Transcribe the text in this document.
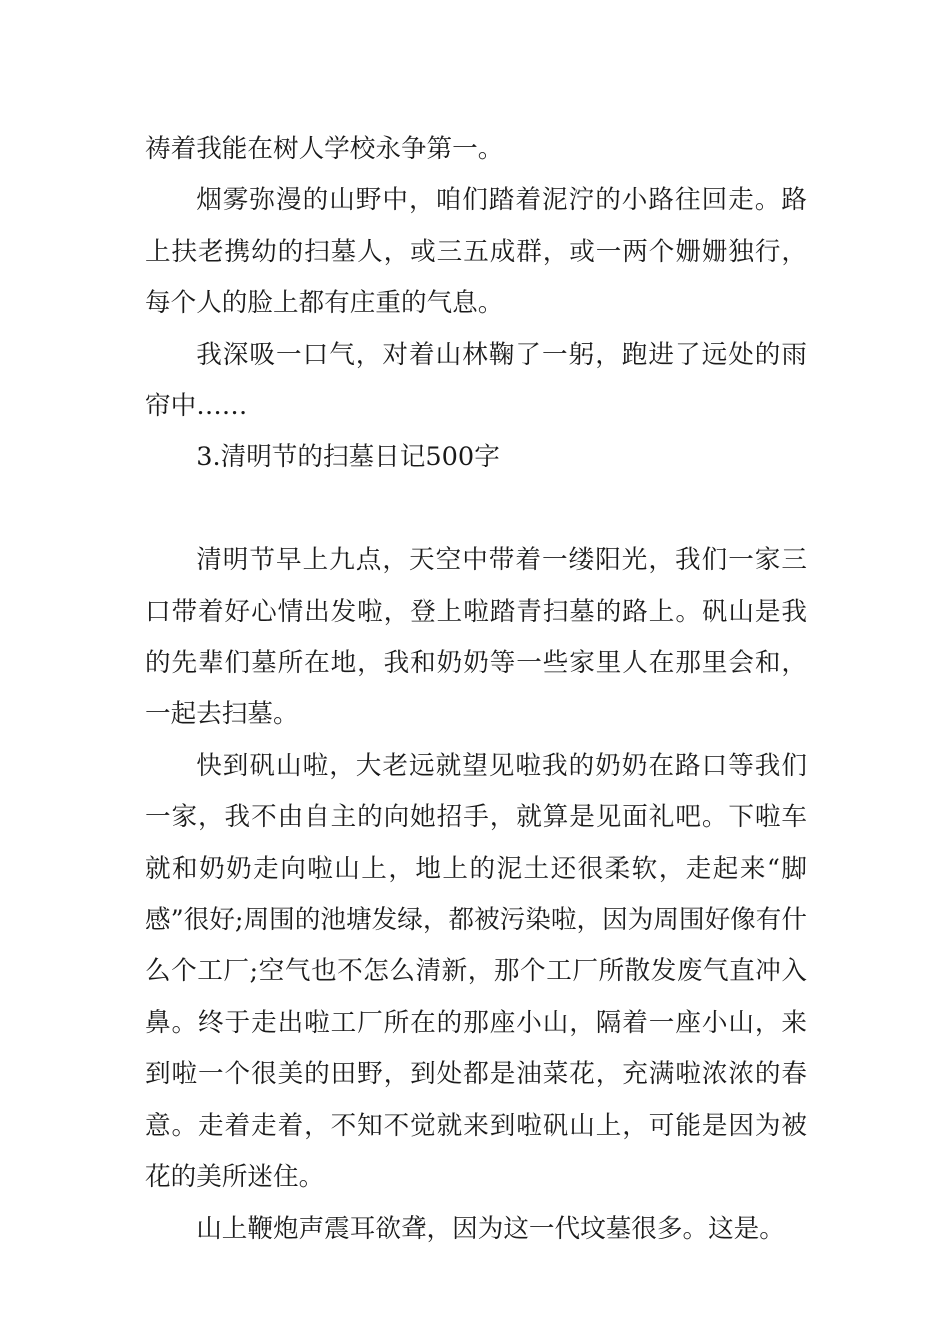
祷着我能在树人学校永争第一。

烟雾弥漫的山野中，咱们踏着泥泞的小路往回走。路上扶老携幼的扫墓人，或三五成群，或一两个姗姗独行，每个人的脸上都有庄重的气息。

我深吸一口气，对着山林鞠了一躬，跑进了远处的雨帘中……

3.清明节的扫墓日记500字

清明节早上九点，天空中带着一缕阳光，我们一家三口带着好心情出发啦，登上啦踏青扫墓的路上。矾山是我的先辈们墓所在地，我和奶奶等一些家里人在那里会和，一起去扫墓。

快到矾山啦，大老远就望见啦我的奶奶在路口等我们一家，我不由自主的向她招手，就算是见面礼吧。下啦车就和奶奶走向啦山上，地上的泥土还很柔软，走起来“脚感”很好;周围的池塘发绿，都被污染啦，因为周围好像有什么个工厂;空气也不怎么清新，那个工厂所散发废气直冲入鼻。终于走出啦工厂所在的那座小山，隔着一座小山，来到啦一个很美的田野，到处都是油菜花，充满啦浓浓的春意。走着走着，不知不觉就来到啦矾山上，可能是因为被花的美所迷住。

山上鞭炮声震耳欲聋，因为这一代坟墓很多。这是。
